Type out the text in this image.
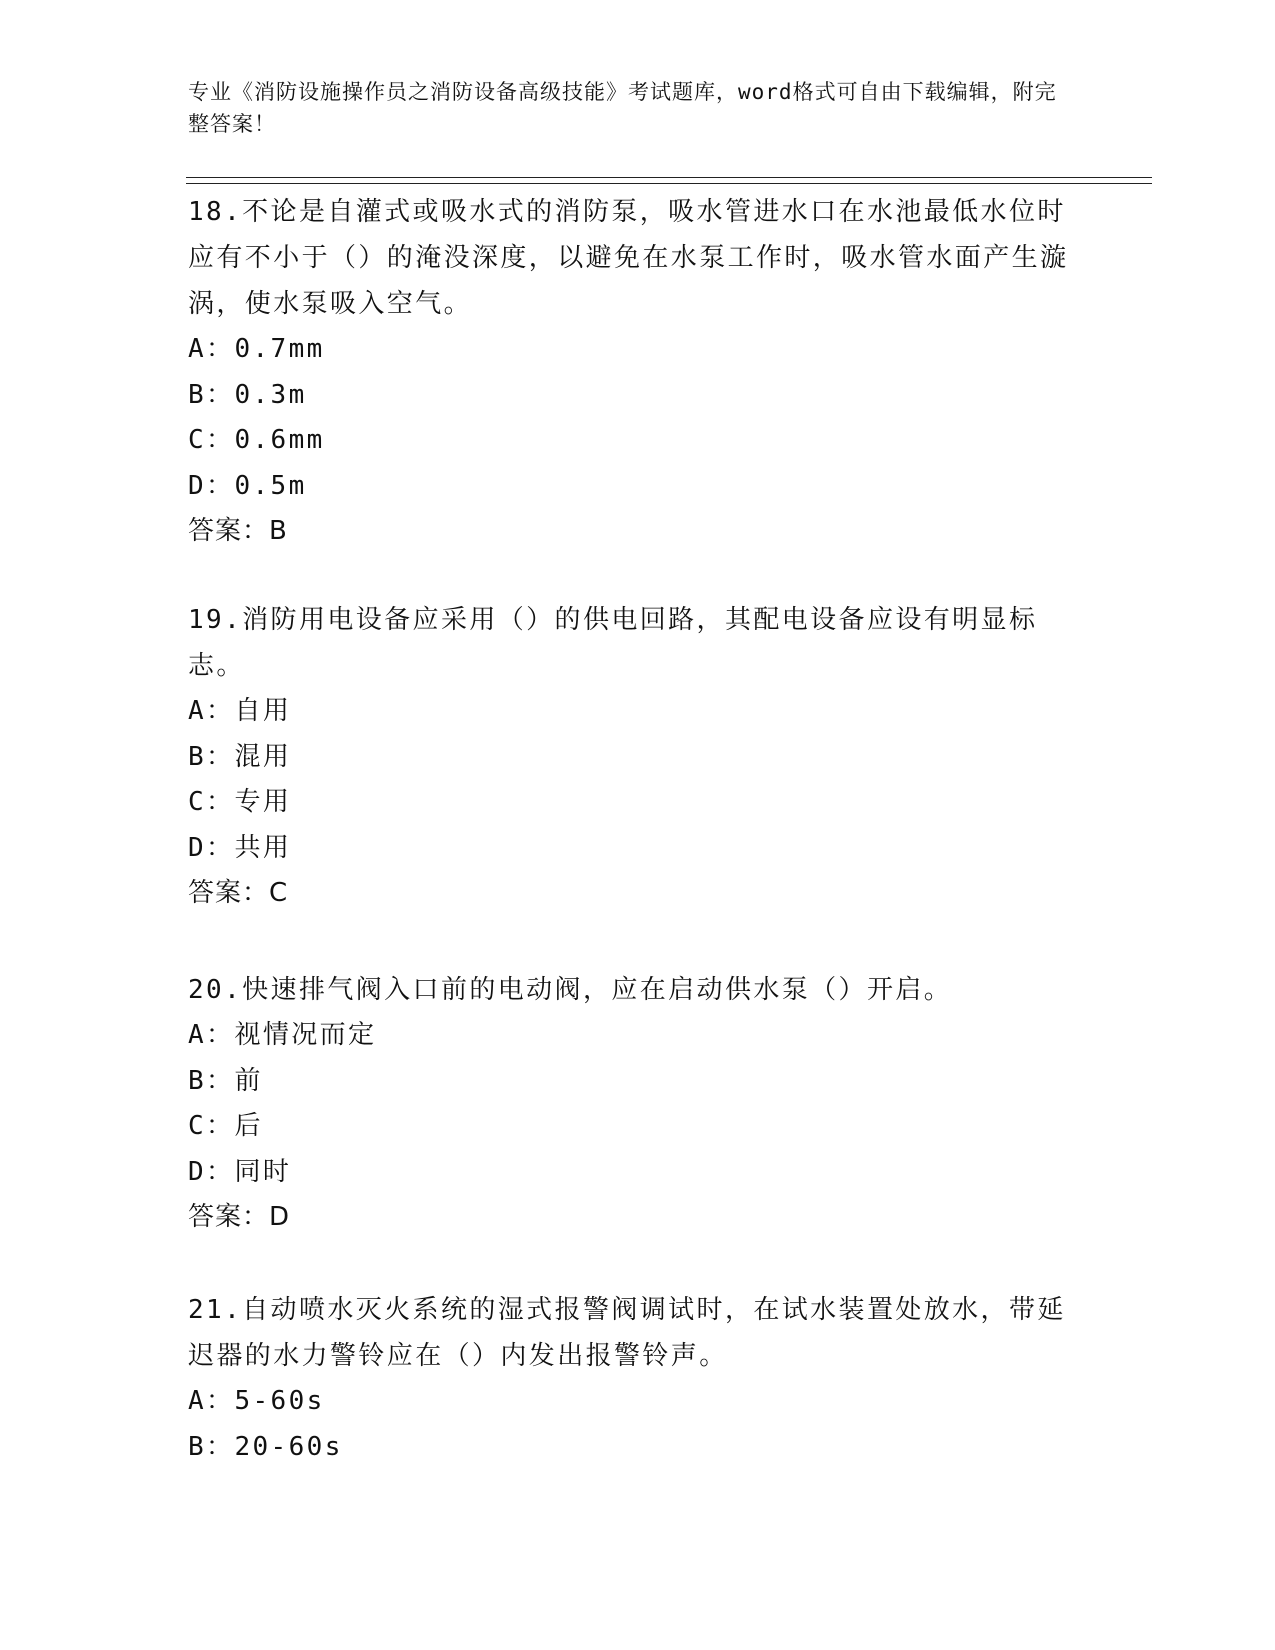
专业《消防设施操作员之消防设备高级技能》考试题库，word格式可自由下载编辑，附完整答案！

18.不论是自灌式或吸水式的消防泵，吸水管进水口在水池最低水位时应有不小于（）的淹没深度，以避免在水泵工作时，吸水管水面产生漩涡，使水泵吸入空气。

A：0.7mm

B：0.3m

C：0.6mm

D：0.5m

答案：B

19.消防用电设备应采用（）的供电回路，其配电设备应设有明显标志。

A：自用

B：混用

C：专用

D：共用

答案：C

20.快速排气阀入口前的电动阀，应在启动供水泵（）开启。

A：视情况而定

B：前

C：后

D：同时

答案：D

21.自动喷水灭火系统的湿式报警阀调试时，在试水装置处放水，带延迟器的水力警铃应在（）内发出报警铃声。

A：5-60s

B：20-60s
